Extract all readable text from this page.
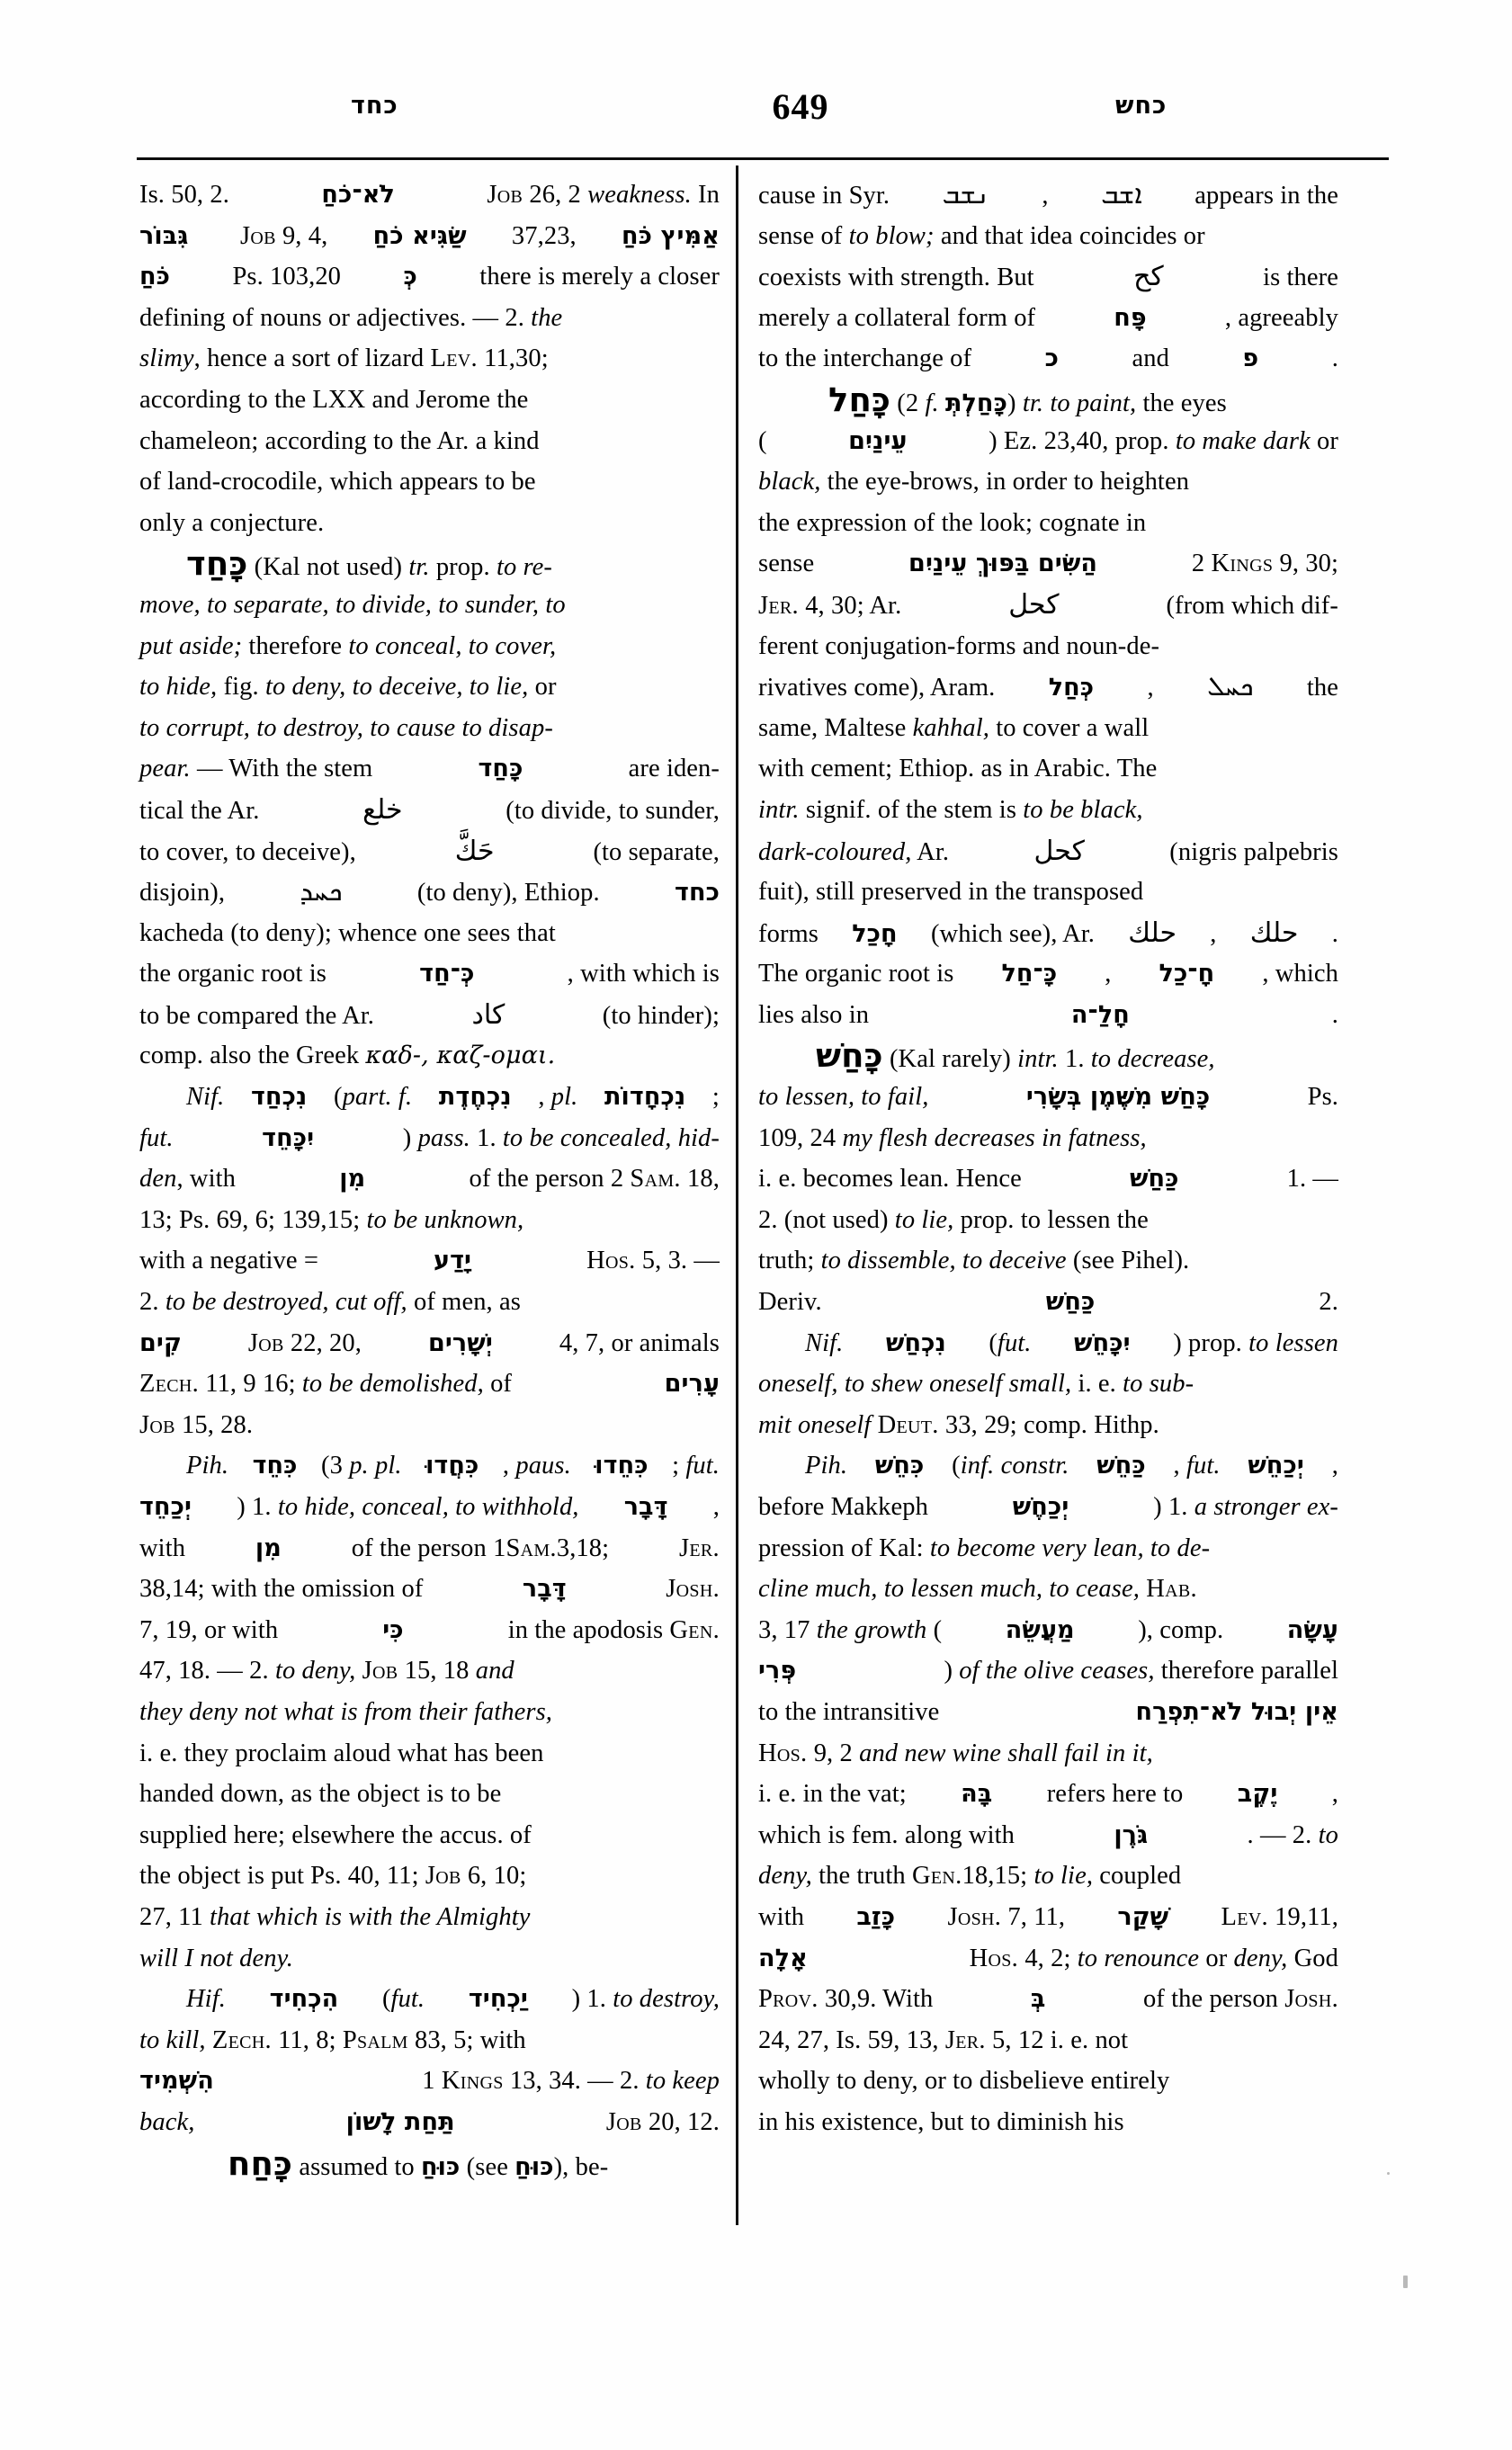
כחד	649	כחש
Is. 50, 2.	לֹא־כֹחַ	Job 26, 2 weakness. In
גִּבּוֹר Job 9, 4, שַׂגִּיא כֹחַ 37,23, אַמִּיץ כֹּחַ
כֹּחַ Ps. 103,20	כְּ there is merely a closer
defining of nouns or adjectives. — 2. the
slimy, hence a sort of lizard Lev. 11,30;
according to the LXX and Jerome the
chameleon; according to the Ar. a kind
of land-crocodile, which appears to be
only a conjecture.
כָּחַד (Kal not used) tr. prop. to re-
move, to separate, to divide, to sunder, to
put aside; therefore to conceal, to cover,
to hide, fig. to deny, to deceive, to lie, or
to corrupt, to destroy, to cause to disap-
pear. — With the stem	כָּחַד	are iden-
tical the Ar.	خلع	(to divide, to sunder,
to cover, to deceive),	حَكَّ	(to separate,
disjoin),	ܟܚܕ	(to deny), Ethiop.	כחד
kacheda (to deny); whence one sees that
the organic root is	כְּ־חַד	, with which is
to be compared the Ar.	كاد	(to hinder);
comp. also the Greek καδ-, καζ-ομαι.
Nif. נִכְחַד (part. f. נִכְחֶדֶת , pl. נִכְחָדוֹת ;
fut.	יִכָּחֵד	) pass. 1. to be concealed, hid-
den, with	מִן	of the person 2 Sam. 18,
13; Ps. 69, 6; 139,15; to be unknown,
with a negative =	יָדַע	Hos. 5, 3. —
2. to be destroyed, cut off, of men, as
קִים	Job 22, 20,	יְשָׁרִים	4, 7, or animals
Zech. 11, 9 16; to be demolished, of	עָרִים
Job 15, 28.
Pih. כִּחֵד (3 p. pl. כִּחֲדוּ , paus. כִּחֵדוּ ; fut.
יְכַחֵד ) 1. to hide, conceal, to withhold, דָּבָר ,
with	מִן	of the person 1Sam.3,18;	Jer.
38,14; with the omission of	דָּבָר	Josh.
7, 19, or with	כִּי	in the apodosis Gen.
47, 18. — 2. to deny, Job 15, 18 and
they deny not what is from their fathers,
i. e. they proclaim aloud what has been
handed down, as the object is to be
supplied here; elsewhere the accus. of
the object is put Ps. 40, 11; Job 6, 10;
27, 11 that which is with the Almighty
will I not deny.
Hif. הִכְחִיד (fut. יַכְחִיד ) 1. to destroy,
to kill, Zech. 11, 8; Psalm 83, 5; with
הִשְׁמִיד	1 Kings 13, 34. — 2. to keep
back,	תַּחַת לָשׁוֹן	Job 20, 12.
כָּחַח assumed to כּוּחַ (see כּוּחַ), be-
cause in Syr. ܢܫܒ , ܐܫܒ appears in the
sense of to blow; and that idea coincides or
coexists with strength. But	كح	is there
merely a collateral form of	פָּח	, agreeably
to the interchange of	כ	and	פ	.
כָּחַל (2 f. כָּחַלְתְּ) tr. to paint, the eyes
(	עֵינַיִם	) Ez. 23,40, prop. to make dark or
black, the eye-brows, in order to heighten
the expression of the look; cognate in
sense	הַשִּׂים בַּפּוּךְ עֵינַיִם	2 Kings 9, 30;
Jer. 4, 30; Ar.	كحل	(from which dif-
ferent conjugation-forms and noun-de-
rivatives come), Aram. כְּחַל , ܟܚܠ the
same, Maltese kahhal, to cover a wall
with cement; Ethiop. as in Arabic. The
intr. signif. of the stem is to be black,
dark-coloured, Ar.	كحل	(nigris palpebris
fuit), still preserved in the transposed
forms חָכַל (which see), Ar. حلك , حلك .
The organic root is כָּ־חַל , חָ־כַל , which
lies also in	חָלַ־ה	.
כָּחַשׁ (Kal rarely) intr. 1. to decrease,
to lessen, to fail,	כָּחַשׁ מִשֶּׁמֶן בְּשָׂרִי	Ps.
109, 24 my flesh decreases in fatness,
i. e. becomes lean. Hence	כַּחַשׁ	1. —
2. (not used) to lie, prop. to lessen the
truth; to dissemble, to deceive (see Pihel).
Deriv.	כַּחַשׁ	2.
Nif. נִכְחַשׁ (fut. יִכָּחֵשׁ ) prop. to lessen
oneself, to shew oneself small, i. e. to sub-
mit oneself Deut. 33, 29; comp. Hithp.
Pih. כִּחֵשׁ (inf. constr. כַּחֵשׁ , fut. יְכַחֵשׁ ,
before Makkeph	יְכַחֶשׁ	) 1. a stronger ex-
pression of Kal: to become very lean, to de-
cline much, to lessen much, to cease, Hab.
3, 17 the growth (	מַעֲשֵׂה ), comp.	עָשָׂה
פְּרִי	) of the olive ceases, therefore parallel
to the intransitive	אֵין יְבוּל לֹא־תִפְרַח
Hos. 9, 2 and new wine shall fail in it,
i. e. in the vat; בָּהּ refers here to יֶקֶב ,
which is fem. along with	גֹּרֶן	. — 2. to
deny, the truth Gen.18,15; to lie, coupled
with כָּזַב Josh. 7, 11, שָׁקַר Lev. 19,11,
אָלָה	Hos. 4, 2; to renounce or deny, God
Prov. 30,9. With	בְּ	of the person Josh.
24, 27, Is. 59, 13, Jer. 5, 12 i. e. not
wholly to deny, or to disbelieve entirely
in his existence, but to diminish his
